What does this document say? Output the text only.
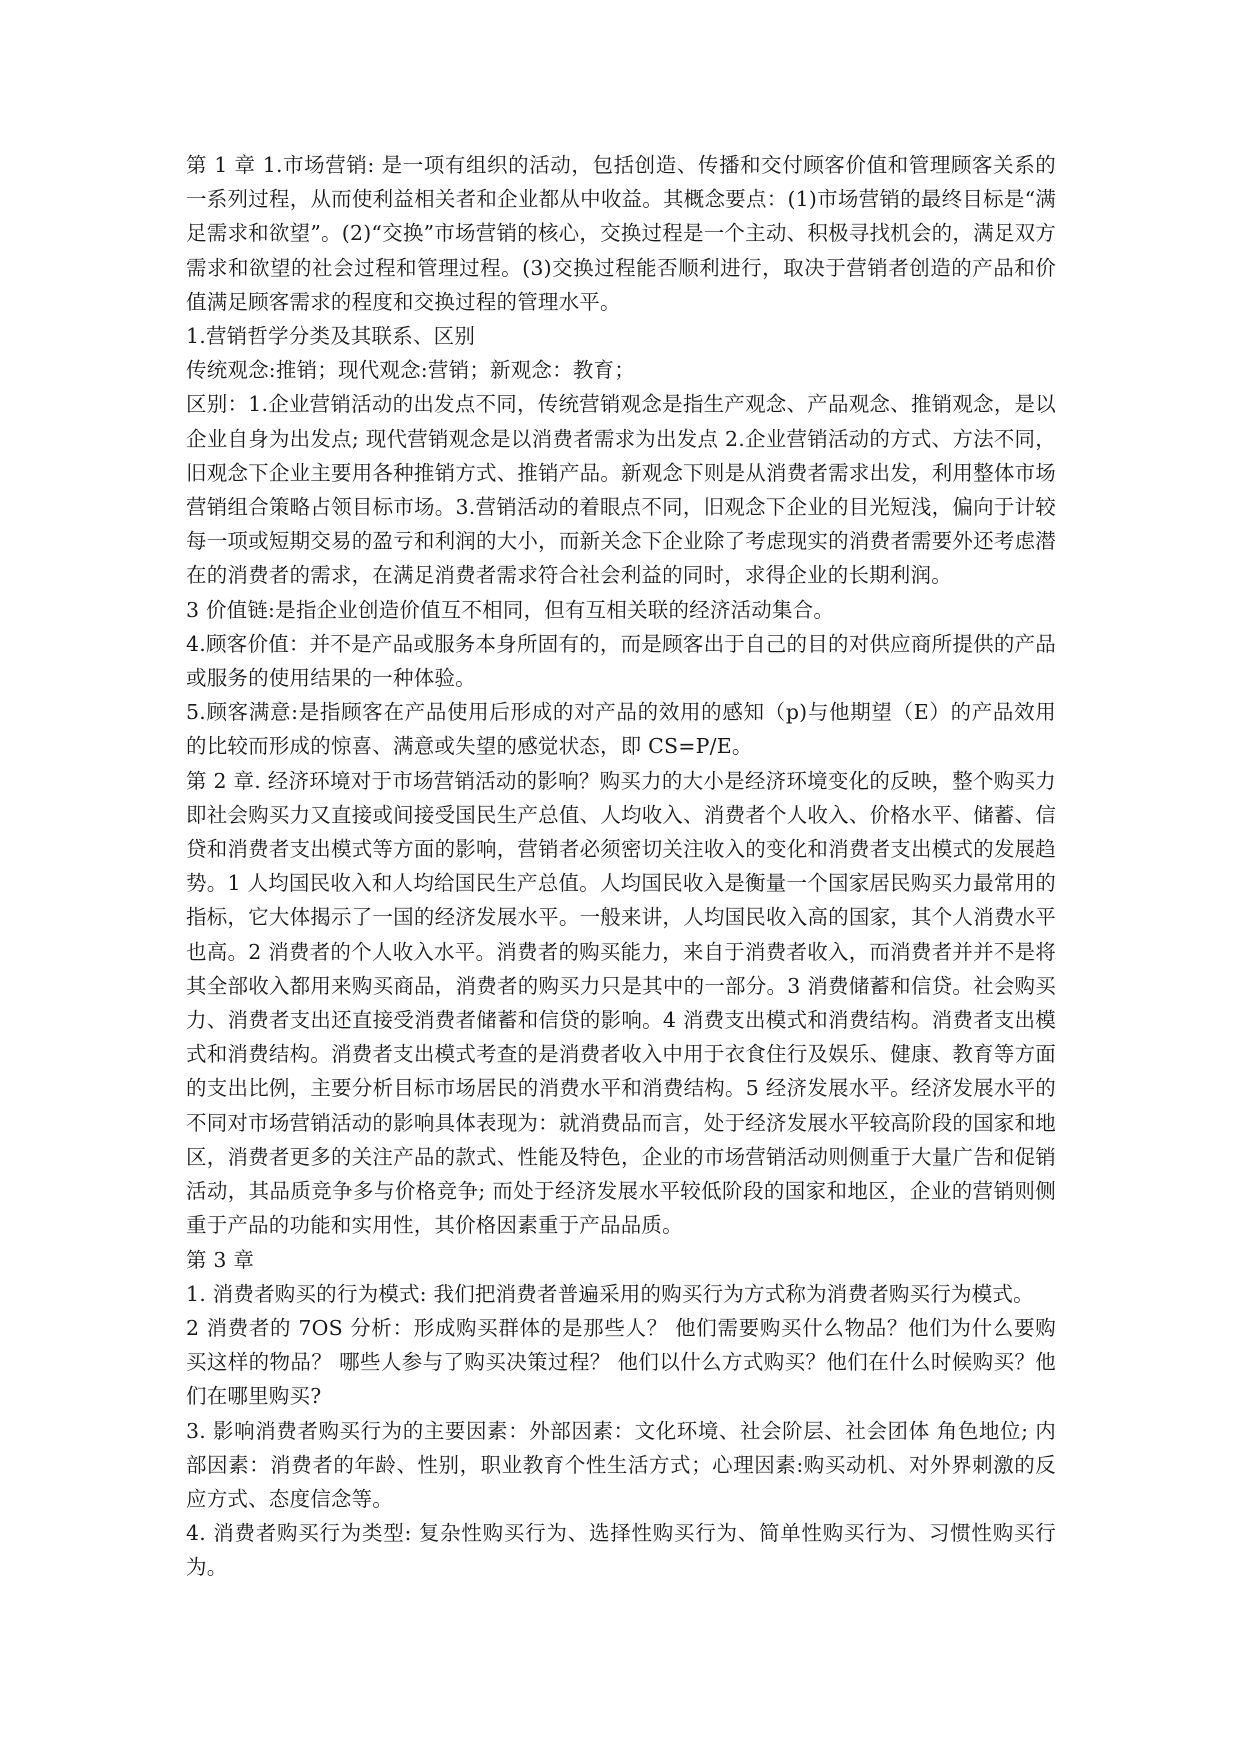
第 1 章 1.市场营销: 是一项有组织的活动，包括创造、传播和交付顾客价值和管理顾客关系的一系列过程，从而使利益相关者和企业都从中收益。其概念要点：(1)市场营销的最终目标是“满足需求和欲望”。(2)“交换”市场营销的核心，交换过程是一个主动、积极寻找机会的，满足双方需求和欲望的社会过程和管理过程。(3)交换过程能否顺利进行，取决于营销者创造的产品和价值满足顾客需求的程度和交换过程的管理水平。

1.营销哲学分类及其联系、区别

传统观念:推销；现代观念:营销；新观念：教育；

区别：1.企业营销活动的出发点不同，传统营销观念是指生产观念、产品观念、推销观念，是以企业自身为出发点; 现代营销观念是以消费者需求为出发点 2.企业营销活动的方式、方法不同，旧观念下企业主要用各种推销方式、推销产品。新观念下则是从消费者需求出发，利用整体市场营销组合策略占领目标市场。3.营销活动的着眼点不同，旧观念下企业的目光短浅，偏向于计较每一项或短期交易的盈亏和利润的大小，而新关念下企业除了考虑现实的消费者需要外还考虑潜在的消费者的需求，在满足消费者需求符合社会利益的同时，求得企业的长期利润。

3 价值链:是指企业创造价值互不相同，但有互相关联的经济活动集合。

4.顾客价值：并不是产品或服务本身所固有的，而是顾客出于自己的目的对供应商所提供的产品或服务的使用结果的一种体验。

5.顾客满意:是指顾客在产品使用后形成的对产品的效用的感知（p)与他期望（E）的产品效用的比较而形成的惊喜、满意或失望的感觉状态，即 CS=P/E。

第 2 章. 经济环境对于市场营销活动的影响？购买力的大小是经济环境变化的反映，整个购买力即社会购买力又直接或间接受国民生产总值、人均收入、消费者个人收入、价格水平、储蓄、信贷和消费者支出模式等方面的影响，营销者必须密切关注收入的变化和消费者支出模式的发展趋势。1 人均国民收入和人均给国民生产总值。人均国民收入是衡量一个国家居民购买力最常用的指标，它大体揭示了一国的经济发展水平。一般来讲，人均国民收入高的国家，其个人消费水平也高。2 消费者的个人收入水平。消费者的购买能力，来自于消费者收入，而消费者并并不是将其全部收入都用来购买商品，消费者的购买力只是其中的一部分。3 消费储蓄和信贷。社会购买力、消费者支出还直接受消费者储蓄和信贷的影响。4 消费支出模式和消费结构。消费者支出模式和消费结构。消费者支出模式考查的是消费者收入中用于衣食住行及娱乐、健康、教育等方面的支出比例，主要分析目标市场居民的消费水平和消费结构。5 经济发展水平。经济发展水平的不同对市场营销活动的影响具体表现为：就消费品而言，处于经济发展水平较高阶段的国家和地区，消费者更多的关注产品的款式、性能及特色，企业的市场营销活动则侧重于大量广告和促销活动，其品质竞争多与价格竞争; 而处于经济发展水平较低阶段的国家和地区，企业的营销则侧重于产品的功能和实用性，其价格因素重于产品品质。

第 3 章

1. 消费者购买的行为模式: 我们把消费者普遍采用的购买行为方式称为消费者购买行为模式。

2 消费者的 7OS 分析：形成购买群体的是那些人？ 他们需要购买什么物品？他们为什么要购买这样的物品？ 哪些人参与了购买决策过程？ 他们以什么方式购买？他们在什么时候购买？他们在哪里购买?

3. 影响消费者购买行为的主要因素：外部因素：文化环境、社会阶层、社会团体 角色地位; 内部因素：消费者的年龄、性别，职业教育个性生活方式；心理因素:购买动机、对外界刺激的反应方式、态度信念等。

4. 消费者购买行为类型: 复杂性购买行为、选择性购买行为、简单性购买行为、习惯性购买行为。
